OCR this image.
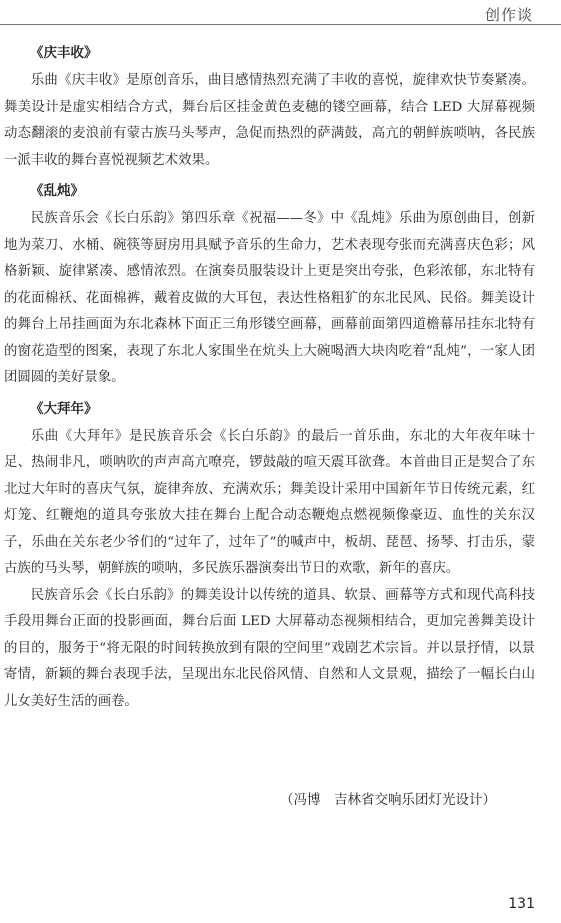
创作谈
《庆丰收》

乐曲《庆丰收》是原创音乐，曲目感情热烈充满了丰收的喜悦，旋律欢快节奏紧凑。舞美设计是虚实相结合方式，舞台后区挂金黄色麦穗的镂空画幕，结合 LED 大屏幕视频动态翻滚的麦浪前有蒙古族马头琴声，急促而热烈的萨满鼓，高亢的朝鲜族唢呐，各民族一派丰收的舞台喜悦视频艺术效果。

《乱炖》

民族音乐会《长白乐韵》第四乐章《祝福——冬》中《乱炖》乐曲为原创曲目，创新地为菜刀、水桶、碗筷等厨房用具赋予音乐的生命力，艺术表现夸张而充满喜庆色彩；风格新颖、旋律紧凑、感情浓烈。在演奏员服装设计上更是突出夸张，色彩浓郁，东北特有的花面棉袄、花面棉裤，戴着皮做的大耳包，表达性格粗犷的东北民风、民俗。舞美设计的舞台上吊挂画面为东北森林下面正三角形镂空画幕，画幕前面第四道檐幕吊挂东北特有的窗花造型的图案，表现了东北人家围坐在炕头上大碗喝酒大块肉吃着“乱炖”，一家人团团圆圆的美好景象。

《大拜年》

乐曲《大拜年》是民族音乐会《长白乐韵》的最后一首乐曲，东北的大年夜年味十足、热闹非凡，唢呐吹的声声高亢嘹亮，锣鼓敲的喧天震耳欲聋。本首曲目正是契合了东北过大年时的喜庆气氛，旋律奔放、充满欢乐；舞美设计采用中国新年节日传统元素，红灯笼、红鞭炮的道具夸张放大挂在舞台上配合动态鞭炮点燃视频像豪迈、血性的关东汉子，乐曲在关东老少爷们的“过年了，过年了”的喊声中，板胡、琵琶、扬琴、打击乐，蒙古族的马头琴，朝鲜族的唢呐，多民族乐器演奏出节日的欢歌，新年的喜庆。

民族音乐会《长白乐韵》的舞美设计以传统的道具、软景、画幕等方式和现代高科技手段用舞台正面的投影画面，舞台后面 LED 大屏幕动态视频相结合，更加完善舞美设计的目的，服务于“将无限的时间转换放到有限的空间里”戏剧艺术宗旨。并以景抒情，以景寄情，新颖的舞台表现手法，呈现出东北民俗风情、自然和人文景观，描绘了一幅长白山儿女美好生活的画卷。

（冯博　吉林省交响乐团灯光设计）
131
